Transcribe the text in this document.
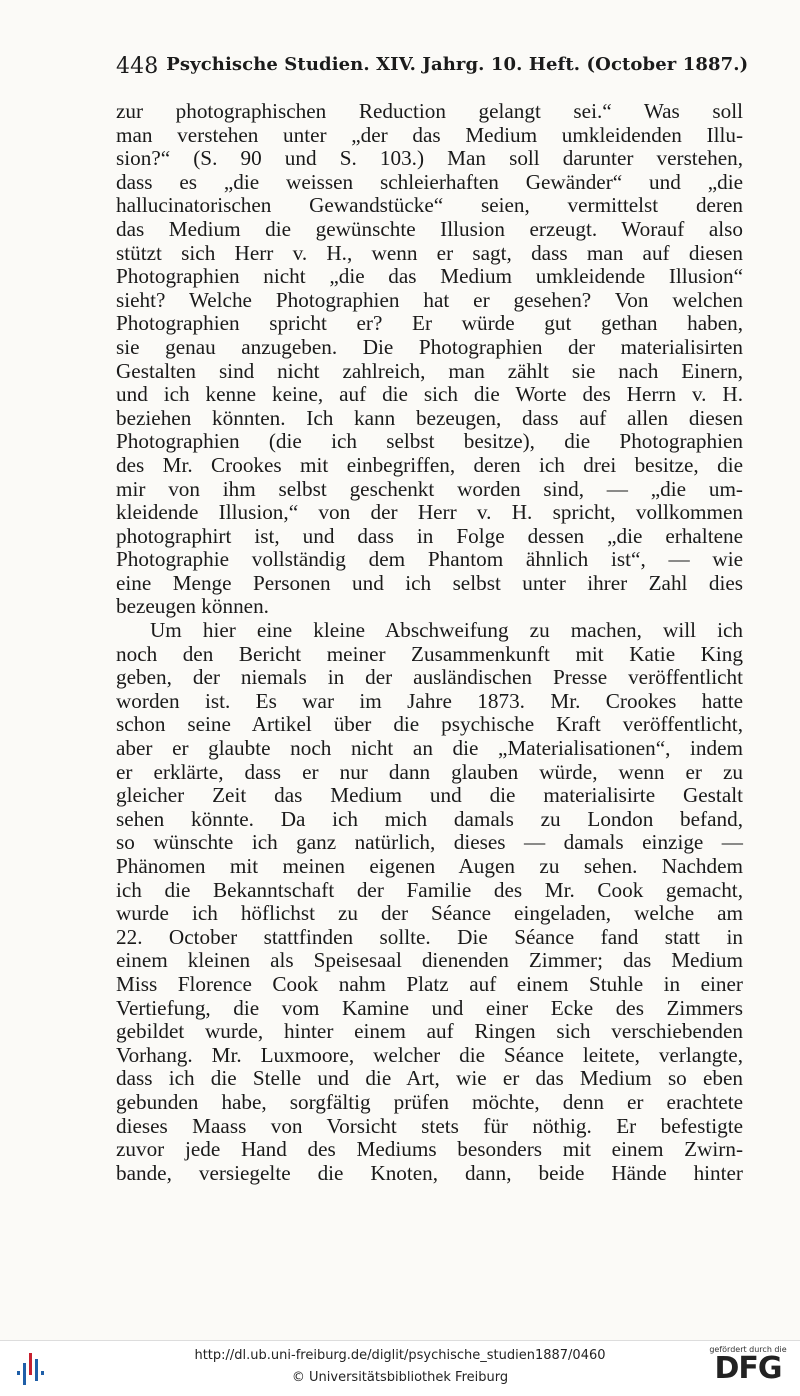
448 Psychische Studien. XIV. Jahrg. 10. Heft. (October 1887.)
zur photographischen Reduction gelangt sei.“ Was soll
man verstehen unter „der das Medium umkleidenden Illu-
sion?“ (S. 90 und S. 103.) Man soll darunter verstehen,
dass es „die weissen schleierhaften Gewänder“ und „die
hallucinatorischen Gewandstücke“ seien, vermittelst deren
das Medium die gewünschte Illusion erzeugt. Worauf also
stützt sich Herr v. H., wenn er sagt, dass man auf diesen
Photographien nicht „die das Medium umkleidende Illusion“
sieht? Welche Photographien hat er gesehen? Von welchen
Photographien spricht er? Er würde gut gethan haben,
sie genau anzugeben. Die Photographien der materialisirten
Gestalten sind nicht zahlreich, man zählt sie nach Einern,
und ich kenne keine, auf die sich die Worte des Herrn v. H.
beziehen könnten. Ich kann bezeugen, dass auf allen diesen
Photographien (die ich selbst besitze), die Photographien
des Mr. Crookes mit einbegriffen, deren ich drei besitze, die
mir von ihm selbst geschenkt worden sind, — „die um-
kleidende Illusion,“ von der Herr v. H. spricht, vollkommen
photographirt ist, und dass in Folge dessen „die erhaltene
Photographie vollständig dem Phantom ähnlich ist“, — wie
eine Menge Personen und ich selbst unter ihrer Zahl dies
bezeugen können.
Um hier eine kleine Abschweifung zu machen, will ich
noch den Bericht meiner Zusammenkunft mit Katie King
geben, der niemals in der ausländischen Presse veröffentlicht
worden ist. Es war im Jahre 1873. Mr. Crookes hatte
schon seine Artikel über die psychische Kraft veröffentlicht,
aber er glaubte noch nicht an die „Materialisationen“, indem
er erklärte, dass er nur dann glauben würde, wenn er zu
gleicher Zeit das Medium und die materialisirte Gestalt
sehen könnte. Da ich mich damals zu London befand,
so wünschte ich ganz natürlich, dieses — damals einzige —
Phänomen mit meinen eigenen Augen zu sehen. Nachdem
ich die Bekanntschaft der Familie des Mr. Cook gemacht,
wurde ich höflichst zu der Séance eingeladen, welche am
22. October stattfinden sollte. Die Séance fand statt in
einem kleinen als Speisesaal dienenden Zimmer; das Medium
Miss Florence Cook nahm Platz auf einem Stuhle in einer
Vertiefung, die vom Kamine und einer Ecke des Zimmers
gebildet wurde, hinter einem auf Ringen sich verschiebenden
Vorhang. Mr. Luxmoore, welcher die Séance leitete, verlangte,
dass ich die Stelle und die Art, wie er das Medium so eben
gebunden habe, sorgfältig prüfen möchte, denn er erachtete
dieses Maass von Vorsicht stets für nöthig. Er befestigte
zuvor jede Hand des Mediums besonders mit einem Zwirn-
bande, versiegelte die Knoten, dann, beide Hände hinter
http://dl.ub.uni-freiburg.de/diglit/psychische_studien1887/0460
© Universitätsbibliothek Freiburg
gefördert durch die
DFG
